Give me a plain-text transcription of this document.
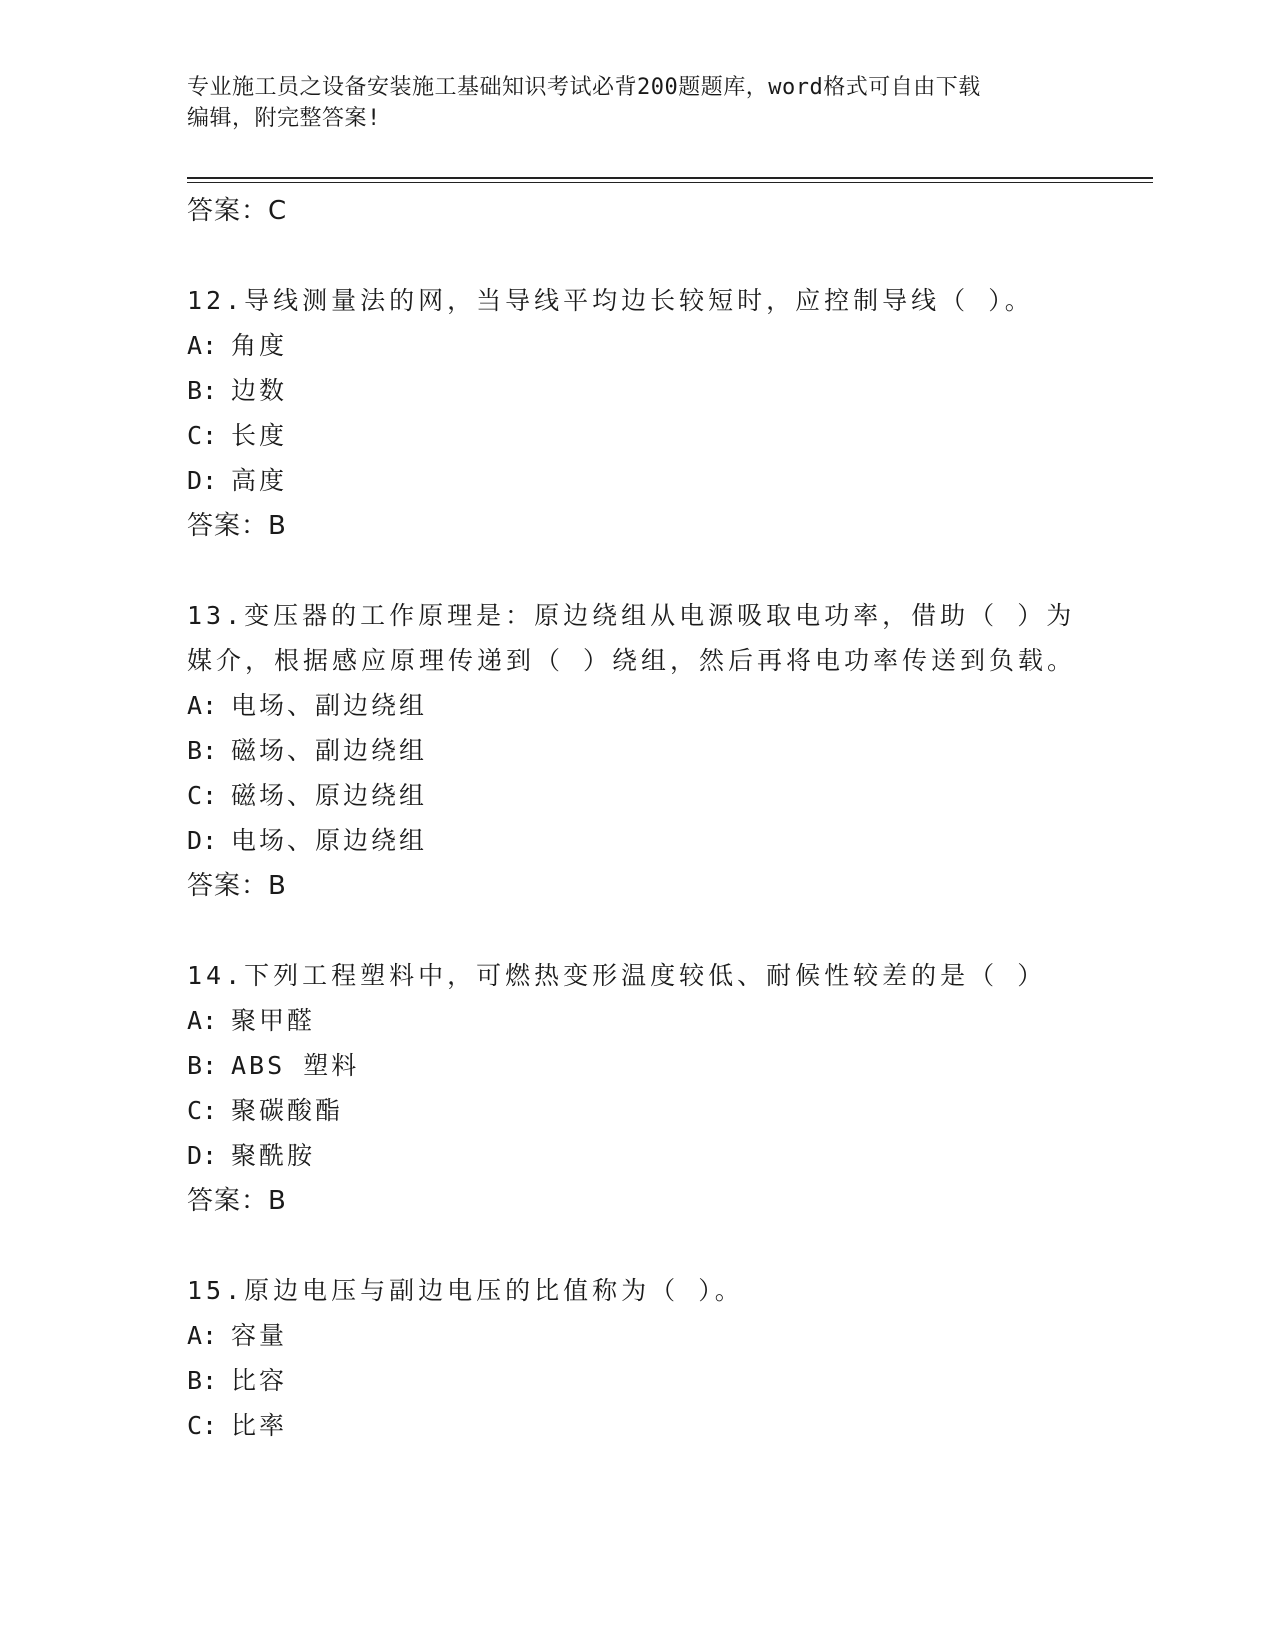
专业施工员之设备安装施工基础知识考试必背200题题库，word格式可自由下载
编辑，附完整答案!
答案：C
12.导线测量法的网，当导线平均边长较短时，应控制导线（ ）。
A: 角度
B: 边数
C: 长度
D: 高度
答案：B
13.变压器的工作原理是：原边绕组从电源吸取电功率，借助（ ）为媒介，根据感应原理传递到（ ）绕组，然后再将电功率传送到负载。
A: 电场、副边绕组
B: 磁场、副边绕组
C: 磁场、原边绕组
D: 电场、原边绕组
答案：B
14.下列工程塑料中，可燃热变形温度较低、耐候性较差的是（ ）
A: 聚甲醛
B: ABS 塑料
C: 聚碳酸酯
D: 聚酰胺
答案：B
15.原边电压与副边电压的比值称为（ ）。
A: 容量
B: 比容
C: 比率
